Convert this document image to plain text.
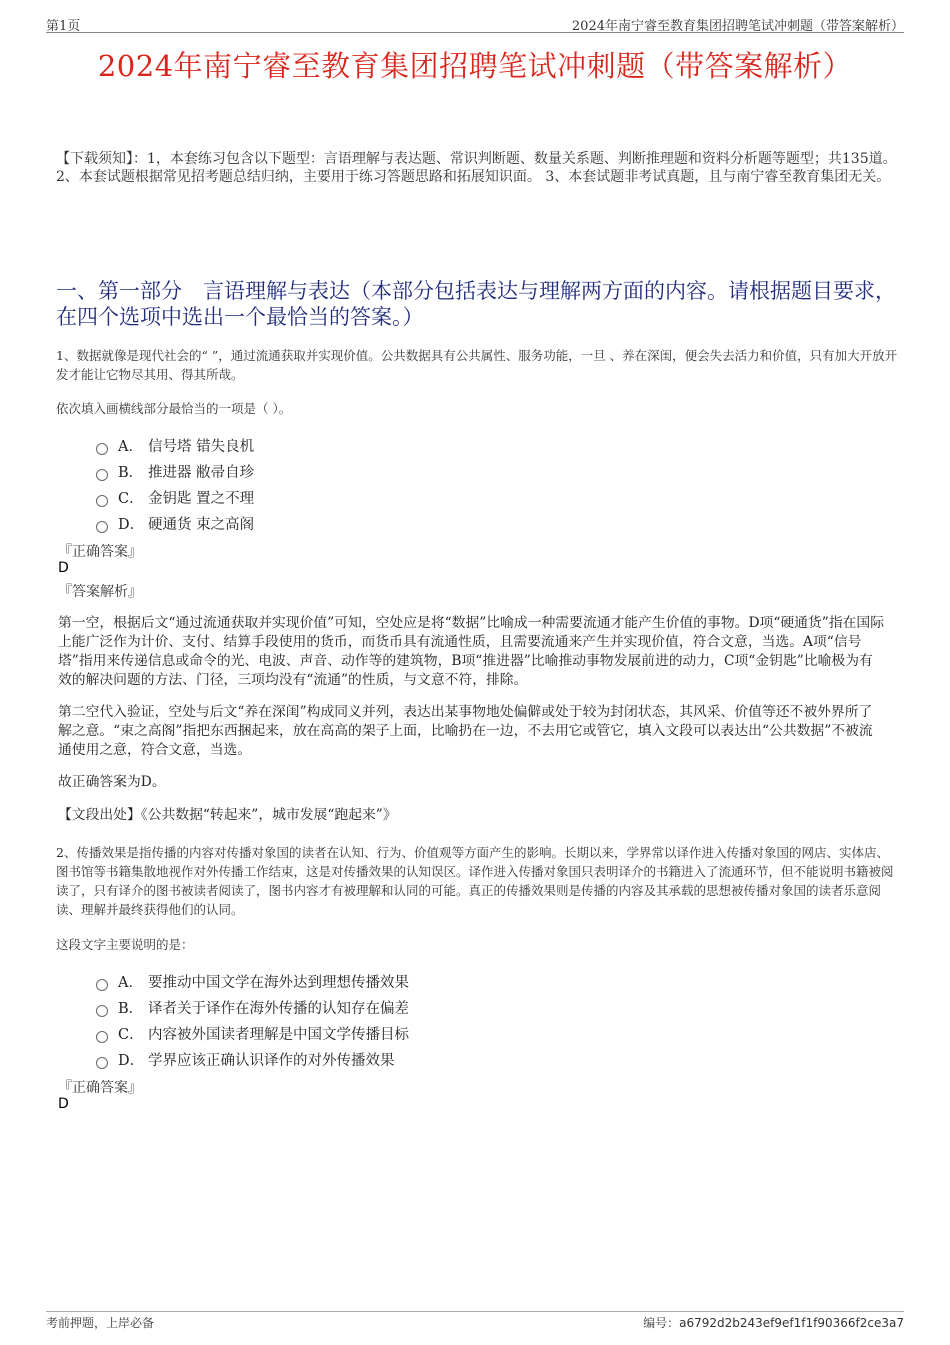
第1页	2024年南宁睿至教育集团招聘笔试冲刺题（带答案解析）
2024年南宁睿至教育集团招聘笔试冲刺题（带答案解析）
【下载须知】：1，本套练习包含以下题型：言语理解与表达题、常识判断题、数量关系题、判断推理题和资料分析题等题型；共135道。 2、本套试题根据常见招考题总结归纳，主要用于练习答题思路和拓展知识面。 3、本套试题非考试真题，且与南宁睿至教育集团无关。
一、第一部分　言语理解与表达（本部分包括表达与理解两方面的内容。请根据题目要求，在四个选项中选出一个最恰当的答案。）
1、数据就像是现代社会的“ ”，通过流通获取并实现价值。公共数据具有公共属性、服务功能，一旦 、养在深闺，便会失去活力和价值，只有加大开放开发才能让它物尽其用、得其所哉。
依次填入画横线部分最恰当的一项是（ ）。
A． 信号塔 错失良机
B． 推进器 敝帚自珍
C． 金钥匙 置之不理
D． 硬通货 束之高阁
『正确答案』
D
『答案解析』
第一空，根据后文“通过流通获取并实现价值”可知，空处应是将“数据”比喻成一种需要流通才能产生价值的事物。D项“硬通货”指在国际上能广泛作为计价、支付、结算手段使用的货币，而货币具有流通性质，且需要流通来产生并实现价值，符合文意，当选。A项“信号塔”指用来传递信息或命令的光、电波、声音、动作等的建筑物，B项“推进器”比喻推动事物发展前进的动力，C项“金钥匙”比喻极为有效的解决问题的方法、门径，三项均没有“流通”的性质，与文意不符，排除。
第二空代入验证，空处与后文“养在深闺”构成同义并列，表达出某事物地处偏僻或处于较为封闭状态，其风采、价值等还不被外界所了解之意。“束之高阁”指把东西捆起来，放在高高的架子上面，比喻扔在一边，不去用它或管它，填入文段可以表达出“公共数据”不被流通使用之意，符合文意，当选。
故正确答案为D。
【文段出处】《公共数据“转起来”，城市发展“跑起来”》
2、传播效果是指传播的内容对传播对象国的读者在认知、行为、价值观等方面产生的影响。长期以来，学界常以译作进入传播对象国的网店、实体店、图书馆等书籍集散地视作对外传播工作结束，这是对传播效果的认知误区。译作进入传播对象国只表明译介的书籍进入了流通环节，但不能说明书籍被阅读了，只有译介的图书被读者阅读了，图书内容才有被理解和认同的可能。真正的传播效果则是传播的内容及其承载的思想被传播对象国的读者乐意阅读、理解并最终获得他们的认同。
这段文字主要说明的是：
A． 要推动中国文学在海外达到理想传播效果
B． 译者关于译作在海外传播的认知存在偏差
C． 内容被外国读者理解是中国文学传播目标
D． 学界应该正确认识译作的对外传播效果
『正确答案』
D
考前押题，上岸必备	编号：a6792d2b243ef9ef1f1f90366f2ce3a7
